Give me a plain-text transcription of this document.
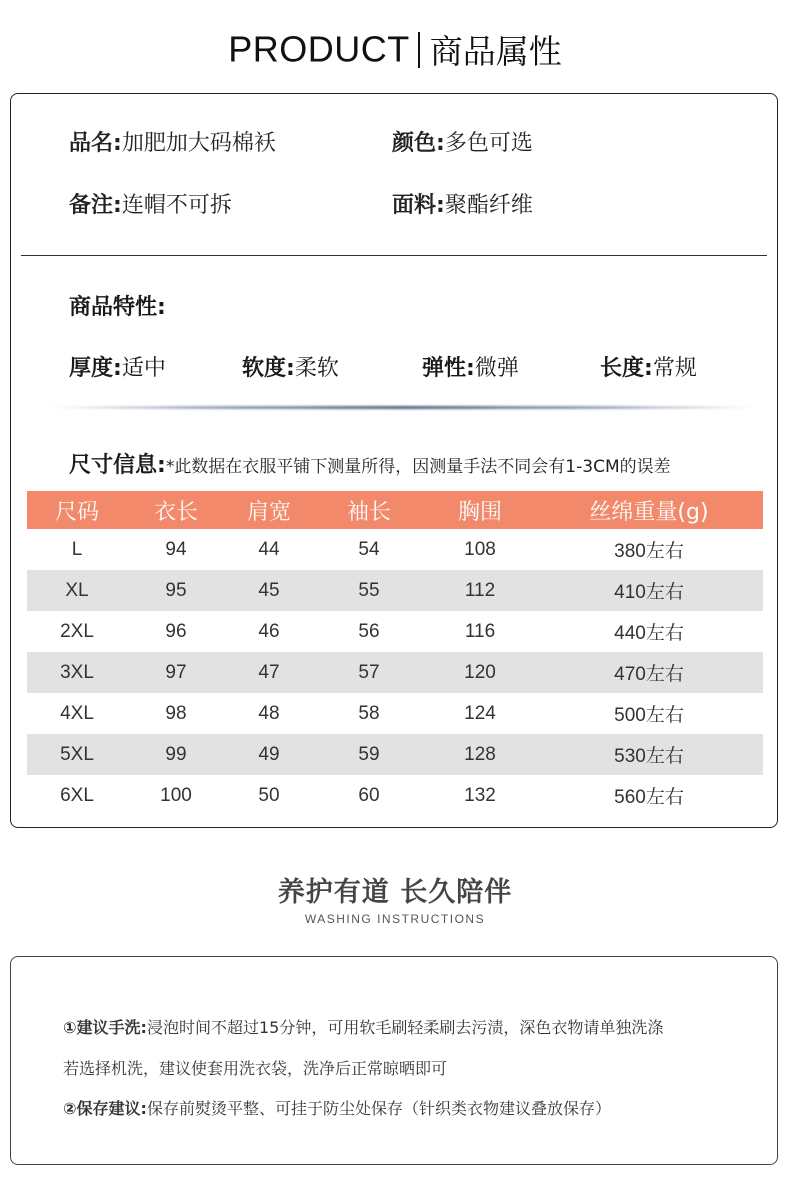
PRODUCT 商品属性
品名:加肥加大码棉袄	颜色:多色可选
备注:连帽不可拆	面料:聚酯纤维
商品特性:
厚度:适中	软度:柔软	弹性:微弹	长度:常规
尺寸信息:*此数据在衣服平铺下测量所得，因测量手法不同会有1-3CM的误差
尺码	衣长	肩宽	袖长	胸围	丝绵重量(g)
L	94	44	54	108	380左右
XL	95	45	55	112	410左右
2XL	96	46	56	116	440左右
3XL	97	47	57	120	470左右
4XL	98	48	58	124	500左右
5XL	99	49	59	128	530左右
6XL	100	50	60	132	560左右
养护有道 长久陪伴
WASHING INSTRUCTIONS
①建议手洗:浸泡时间不超过15分钟，可用软毛刷轻柔刷去污渍，深色衣物请单独洗涤
若选择机洗，建议使套用洗衣袋，洗净后正常晾晒即可
②保存建议:保存前熨烫平整、可挂于防尘处保存（针织类衣物建议叠放保存）
